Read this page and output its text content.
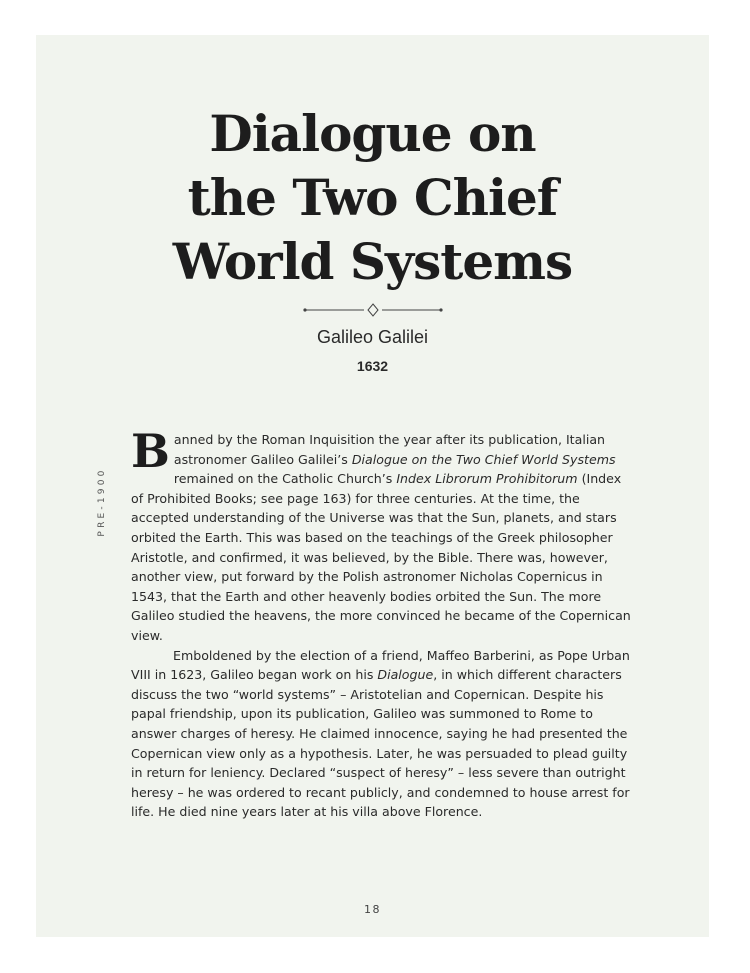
Dialogue on
the Two Chief
World Systems
Galileo Galilei
1632
PRE-1900

Banned by the Roman Inquisition the year after its publication, Italian astronomer Galileo Galilei’s Dialogue on the Two Chief World Systems remained on the Catholic Church’s Index Librorum Prohibitorum (Index of Prohibited Books; see page 163) for three centuries. At the time, the accepted understanding of the Universe was that the Sun, planets, and stars orbited the Earth. This was based on the teachings of the Greek philosopher Aristotle, and confirmed, it was believed, by the Bible. There was, however, another view, put forward by the Polish astronomer Nicholas Copernicus in 1543, that the Earth and other heavenly bodies orbited the Sun. The more Galileo studied the heavens, the more convinced he became of the Copernican view.

Emboldened by the election of a friend, Maffeo Barberini, as Pope Urban VIII in 1623, Galileo began work on his Dialogue, in which different characters discuss the two “world systems” – Aristotelian and Copernican. Despite his papal friendship, upon its publication, Galileo was summoned to Rome to answer charges of heresy. He claimed innocence, saying he had presented the Copernican view only as a hypothesis. Later, he was persuaded to plead guilty in return for leniency. Declared “suspect of heresy” – less severe than outright heresy – he was ordered to recant publicly, and condemned to house arrest for life. He died nine years later at his villa above Florence.

18
